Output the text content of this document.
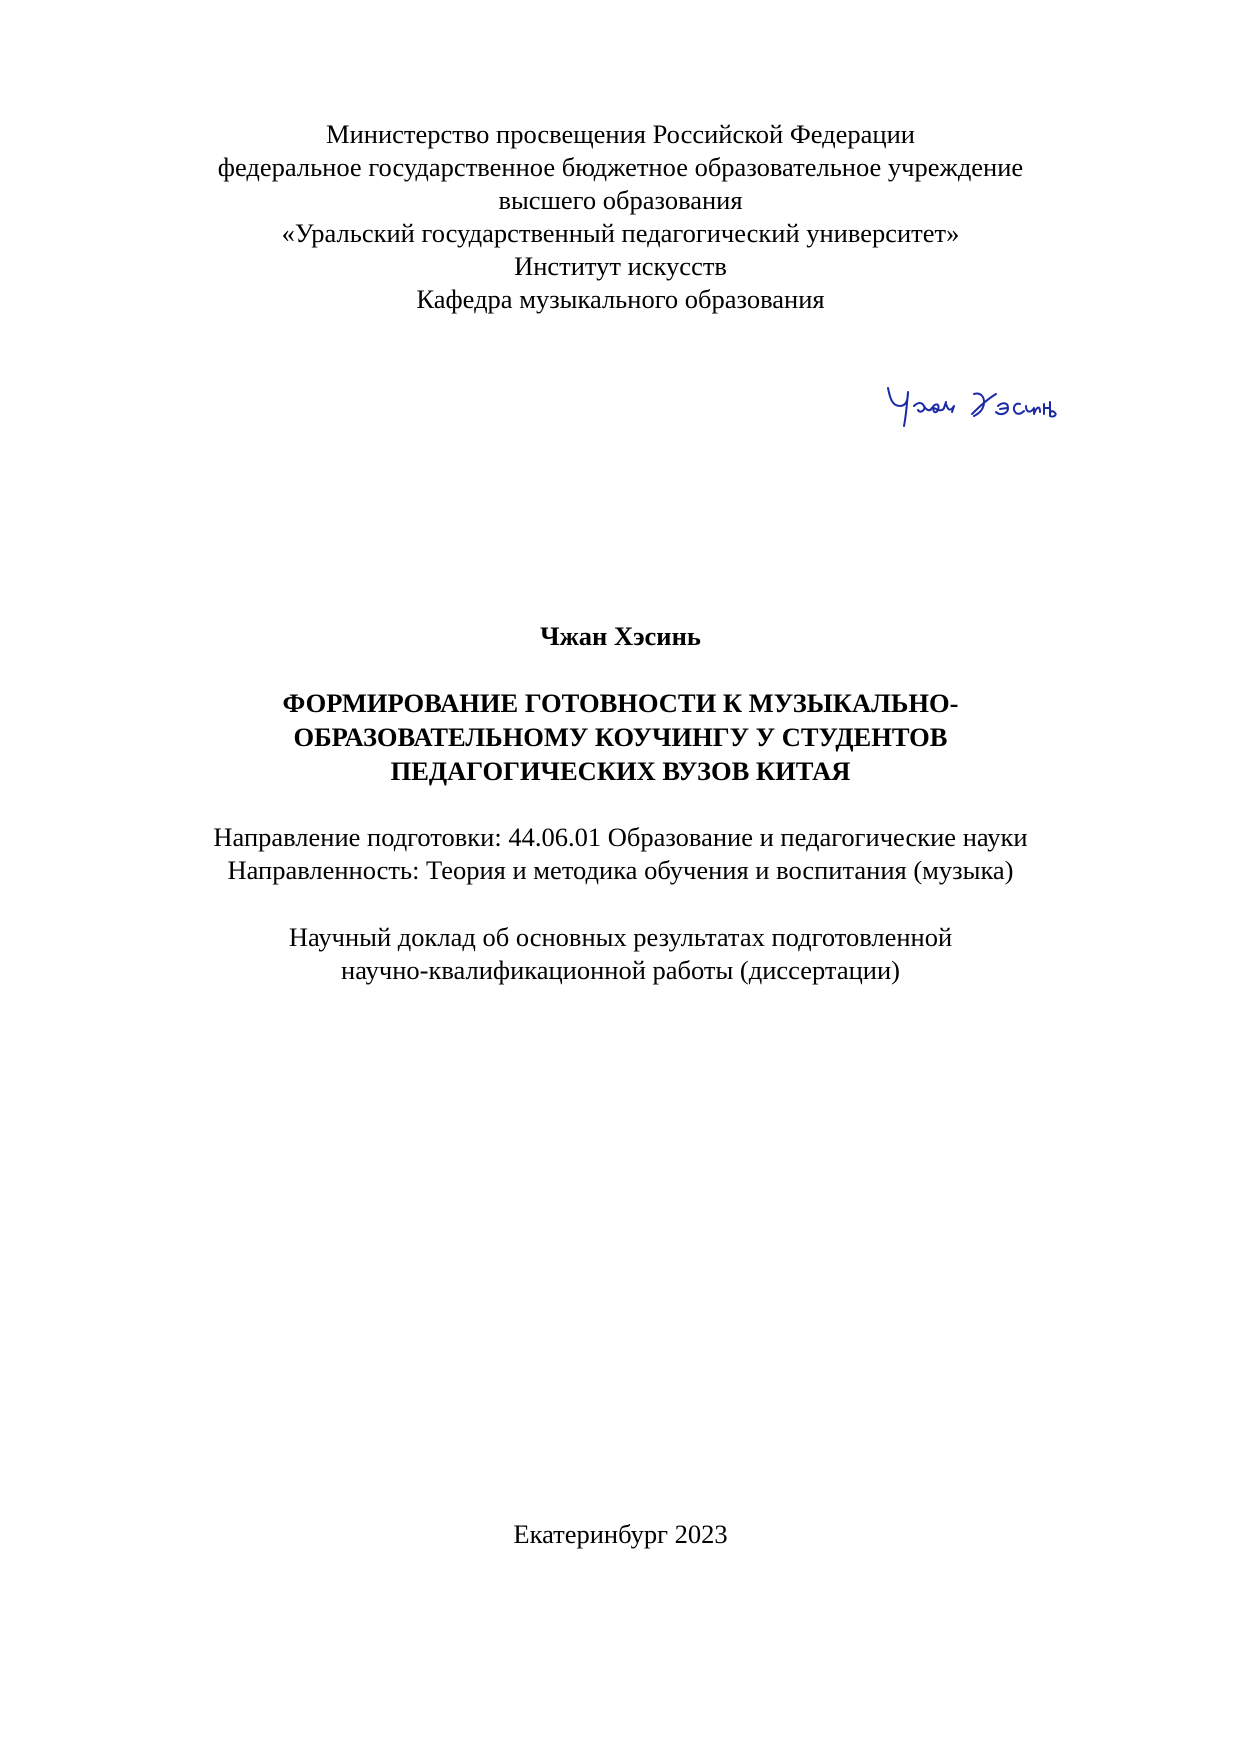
Министерство просвещения Российской Федерации
федеральное государственное бюджетное образовательное учреждение
высшего образования
«Уральский государственный педагогический университет»
Институт искусств
Кафедра музыкального образования
Чжан Хэсинь
ФОРМИРОВАНИЕ ГОТОВНОСТИ К МУЗЫКАЛЬНО-
ОБРАЗОВАТЕЛЬНОМУ КОУЧИНГУ У СТУДЕНТОВ
ПЕДАГОГИЧЕСКИХ ВУЗОВ КИТАЯ
Направление подготовки: 44.06.01 Образование и педагогические науки
Направленность: Теория и методика обучения и воспитания (музыка)
Научный доклад об основных результатах подготовленной
научно-квалификационной работы (диссертации)
Екатеринбург 2023
